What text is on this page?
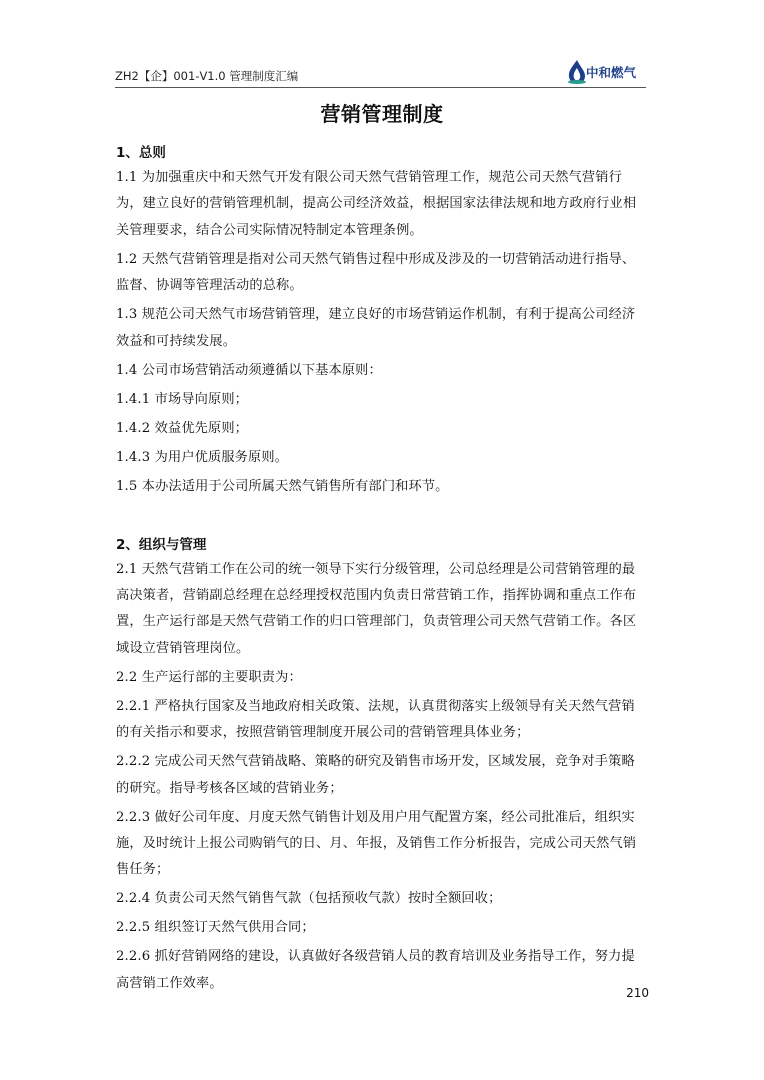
ZH2【企】001-V1.0 管理制度汇编	中和燃气
营销管理制度

1、总则

1.1 为加强重庆中和天然气开发有限公司天然气营销管理工作，规范公司天然气营销行为，建立良好的营销管理机制，提高公司经济效益，根据国家法律法规和地方政府行业相关管理要求，结合公司实际情况特制定本管理条例。

1.2 天然气营销管理是指对公司天然气销售过程中形成及涉及的一切营销活动进行指导、监督、协调等管理活动的总称。

1.3 规范公司天然气市场营销管理，建立良好的市场营销运作机制，有利于提高公司经济效益和可持续发展。

1.4 公司市场营销活动须遵循以下基本原则：

1.4.1 市场导向原则；

1.4.2 效益优先原则；

1.4.3 为用户优质服务原则。

1.5 本办法适用于公司所属天然气销售所有部门和环节。

2、组织与管理

2.1 天然气营销工作在公司的统一领导下实行分级管理，公司总经理是公司营销管理的最高决策者，营销副总经理在总经理授权范围内负责日常营销工作，指挥协调和重点工作布置，生产运行部是天然气营销工作的归口管理部门，负责管理公司天然气营销工作。各区域设立营销管理岗位。

2.2 生产运行部的主要职责为：

2.2.1 严格执行国家及当地政府相关政策、法规，认真贯彻落实上级领导有关天然气营销的有关指示和要求，按照营销管理制度开展公司的营销管理具体业务；

2.2.2 完成公司天然气营销战略、策略的研究及销售市场开发，区域发展，竞争对手策略的研究。指导考核各区域的营销业务；

2.2.3 做好公司年度、月度天然气销售计划及用户用气配置方案，经公司批准后，组织实施，及时统计上报公司购销气的日、月、年报，及销售工作分析报告，完成公司天然气销售任务；

2.2.4 负责公司天然气销售气款（包括预收气款）按时全额回收；

2.2.5 组织签订天然气供用合同；

2.2.6 抓好营销网络的建设，认真做好各级营销人员的教育培训及业务指导工作，努力提高营销工作效率。

210
